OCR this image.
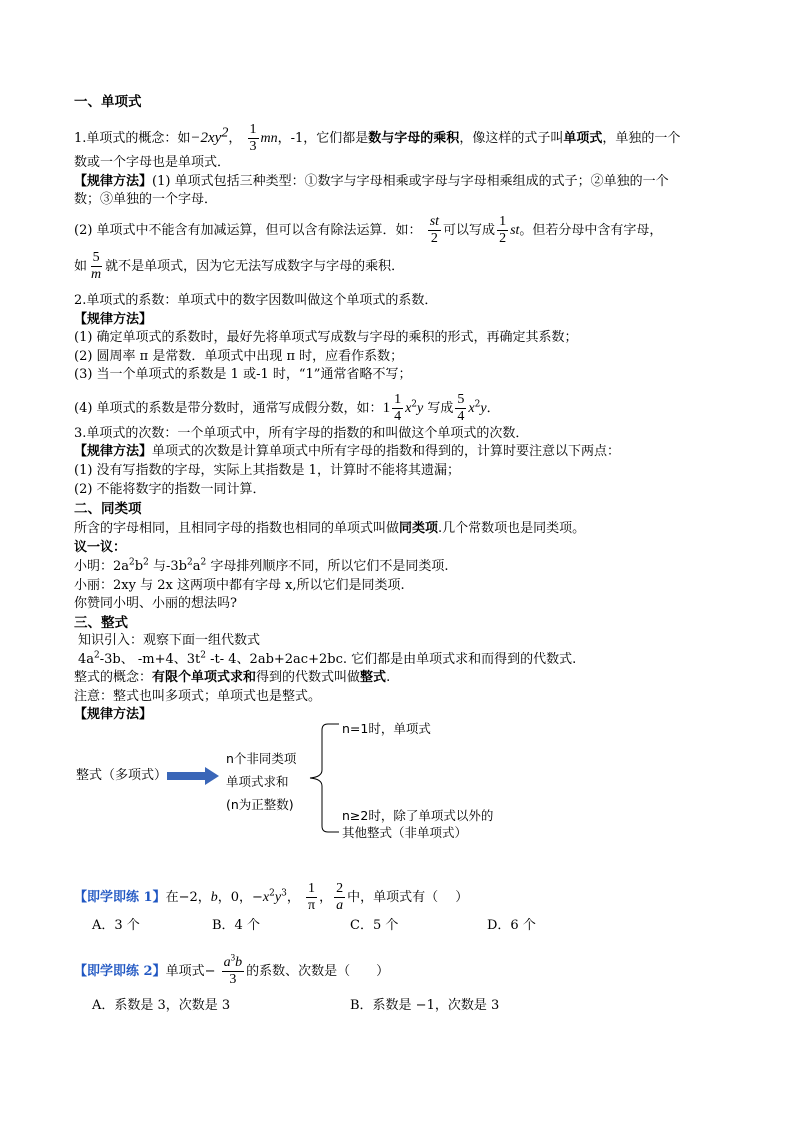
一、单项式
1.单项式的概念：如$-2xy^2$， $\frac{1}{3}$ mn，-1，它们都是数与字母的乘积，像这样的式子叫单项式，单独的一个
数或一个字母也是单项式．
【规律方法】(1) 单项式包括三种类型：①数字与字母相乘或字母与字母相乘组成的式子；②单独的一个
数；③单独的一个字母．
(2) 单项式中不能含有加减运算，但可以含有除法运算．如： $\frac{st}{2}$ 可以写成 $\frac{1}{2}$ st。但若分母中含有字母，
如 $\frac{5}{m}$ 就不是单项式，因为它无法写成数字与字母的乘积．
2.单项式的系数：单项式中的数字因数叫做这个单项式的系数．
【规律方法】
(1) 确定单项式的系数时，最好先将单项式写成数与字母的乘积的形式，再确定其系数；
(2) 圆周率 π 是常数．单项式中出现 π 时，应看作系数；
(3) 当一个单项式的系数是 1 或-1 时，“1”通常省略不写；
(4) 单项式的系数是带分数时，通常写成假分数，如：$1 \frac{1}{4} x^2y$ 写成 $\frac{5}{4} x^2y$．
3.单项式的次数：一个单项式中，所有字母的指数的和叫做这个单项式的次数．
【规律方法】单项式的次数是计算单项式中所有字母的指数和得到的，计算时要注意以下两点：
(1) 没有写指数的字母，实际上其指数是 1，计算时不能将其遗漏；
(2) 不能将数字的指数一同计算．
二、同类项
所含的字母相同，且相同字母的指数也相同的单项式叫做同类项.几个常数项也是同类项。
议一议：
小明：$2a^2b^2$ 与$-3b^2a^2$ 字母排列顺序不同，所以它们不是同类项.
小丽：2xy 与 2x 这两项中都有字母 x,所以它们是同类项.
你赞同小明、小丽的想法吗?
三、整式
知识引入：观察下面一组代数式
$4a^2-3b$、 -m+4、$3t^2$ -t- 4、2ab+2ac+2bc. 它们都是由单项式求和而得到的代数式.
整式的概念：有限个单项式求和得到的代数式叫做整式.
注意：整式也叫多项式；单项式也是整式。
【规律方法】
整式（多项式）
n个非同类项
单项式求和
(n为正整数)
n=1时，单项式
n≥2时，除了单项式以外的
其他整式（非单项式）
【即学即练 1】在−2，b，0，$-x^2y^3$， $\frac{1}{\pi}$ ， $\frac{2}{a}$ 中，单项式有（　 ）
A．3 个	B．4 个	C．5 个	D．6 个
【即学即练 2】单项式− $\frac{a^3b}{3}$ 的系数、次数是（　　）
A．系数是 3，次数是 3	B．系数是 −1，次数是 3
